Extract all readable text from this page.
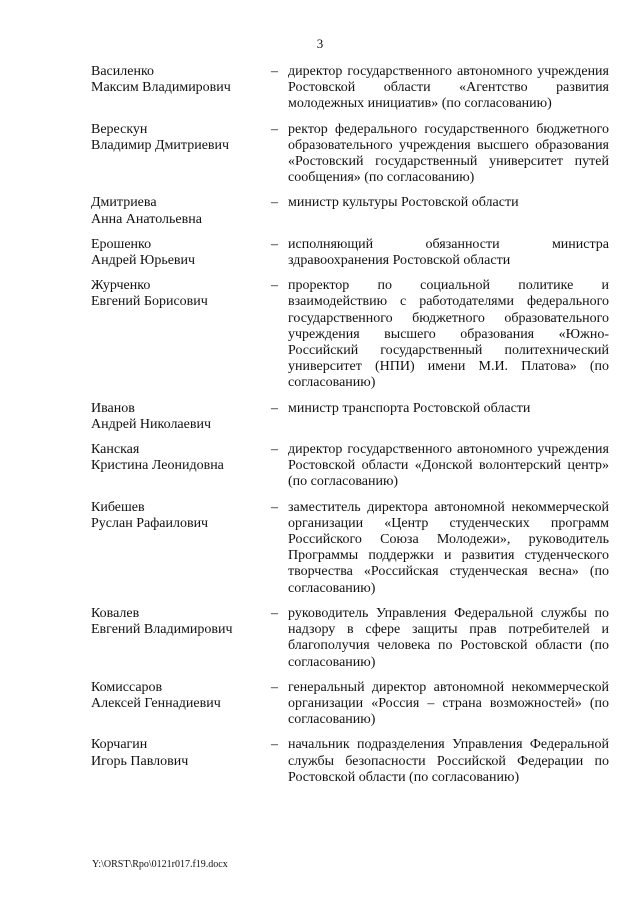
3
Василенко
Максим Владимирович
– директор государственного автономного учреждения Ростовской области «Агентство развития молодежных инициатив» (по согласованию)
Верескун
Владимир Дмитриевич
– ректор федерального государственного бюджетного образовательного учреждения высшего образования «Ростовский государственный университет путей сообщения» (по согласованию)
Дмитриева
Анна Анатольевна
– министр культуры Ростовской области
Ерошенко
Андрей Юрьевич
– исполняющий обязанности министра здравоохранения Ростовской области
Журченко
Евгений Борисович
– проректор по социальной политике и взаимодействию с работодателями федерального государственного бюджетного образовательного учреждения высшего образования «Южно-Российский государственный политехнический университет (НПИ) имени М.И. Платова» (по согласованию)
Иванов
Андрей Николаевич
– министр транспорта Ростовской области
Канская
Кристина Леонидовна
– директор государственного автономного учреждения Ростовской области «Донской волонтерский центр» (по согласованию)
Кибешев
Руслан Рафаилович
– заместитель директора автономной некоммерческой организации «Центр студенческих программ Российского Союза Молодежи», руководитель Программы поддержки и развития студенческого творчества «Российская студенческая весна» (по согласованию)
Ковалев
Евгений Владимирович
– руководитель Управления Федеральной службы по надзору в сфере защиты прав потребителей и благополучия человека по Ростовской области (по согласованию)
Комиссаров
Алексей Геннадиевич
– генеральный директор автономной некоммерческой организации «Россия – страна возможностей» (по согласованию)
Корчагин
Игорь Павлович
– начальник подразделения Управления Федеральной службы безопасности Российской Федерации по Ростовской области (по согласованию)
Y:\ORST\Rpo\0121r017.f19.docx
